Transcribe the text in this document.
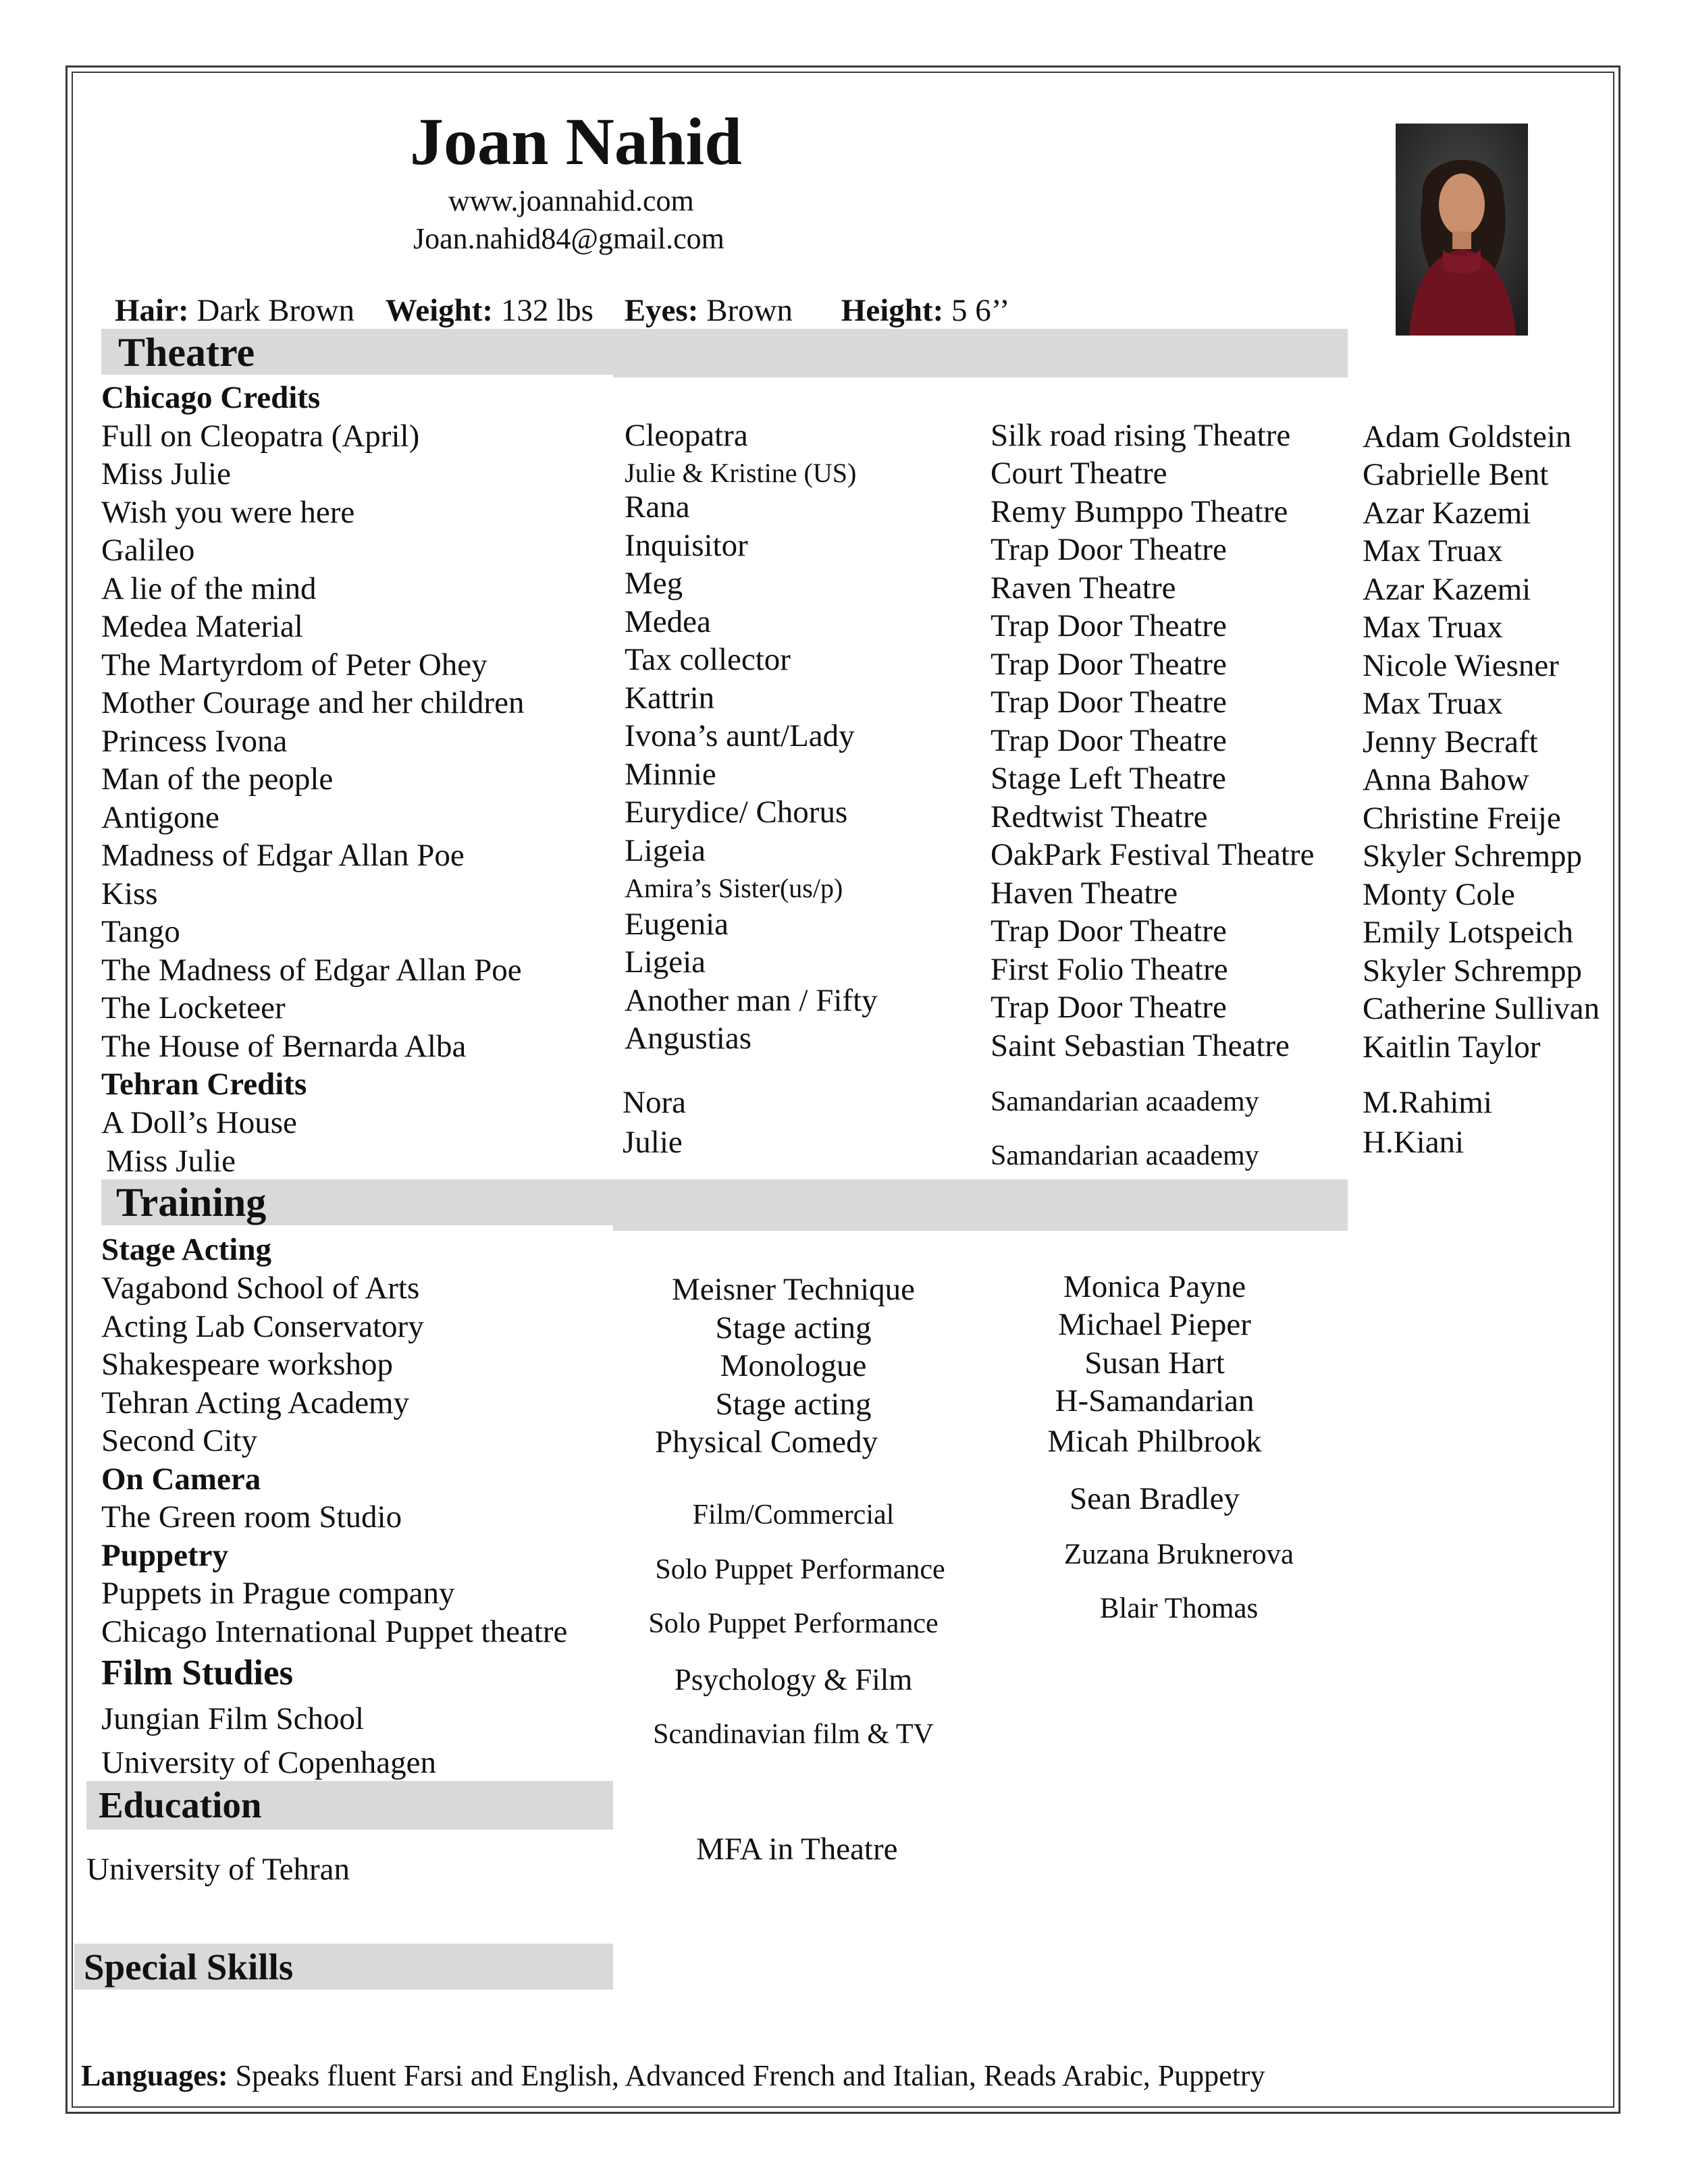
Joan Nahid
www.joannahid.com
Joan.nahid84@gmail.com
Hair: Dark Brown Weight: 132 lbs Eyes: Brown Height: 5 6’’
Theatre
Chicago Credits
Full on Cleopatra (April)
Miss Julie
Wish you were here
Galileo
A lie of the mind
Medea Material
The Martyrdom of Peter Ohey
Mother Courage and her children
Princess Ivona
Man of the people
Antigone
Madness of Edgar Allan Poe
Kiss
Tango
The Madness of Edgar Allan Poe
The Locketeer
The House of Bernarda Alba
Cleopatra
Julie & Kristine (US)
Rana
Inquisitor
Meg
Medea
Tax collector
Kattrin
Ivona’s aunt/Lady
Minnie
Eurydice/ Chorus
Ligeia
Amira’s Sister(us/p)
Eugenia
Ligeia
Another man / Fifty
Angustias
Silk road rising Theatre
Court Theatre
Remy Bumppo Theatre
Trap Door Theatre
Raven Theatre
Trap Door Theatre
Trap Door Theatre
Trap Door Theatre
Trap Door Theatre
Stage Left Theatre
Redtwist Theatre
OakPark Festival Theatre
Haven Theatre
Trap Door Theatre
First Folio Theatre
Trap Door Theatre
Saint Sebastian Theatre
Adam Goldstein
Gabrielle Bent
Azar Kazemi
Max Truax
Azar Kazemi
Max Truax
Nicole Wiesner
Max Truax
Jenny Becraft
Anna Bahow
Christine Freije
Skyler Schrempp
Monty Cole
Emily Lotspeich
Skyler Schrempp
Catherine Sullivan
Kaitlin Taylor
Tehran Credits
A Doll’s House
Miss Julie
Nora
Julie
Samandarian acaademy
Samandarian acaademy
M.Rahimi
H.Kiani
Training
Stage Acting
Vagabond School of Arts
Acting Lab Conservatory
Shakespeare workshop
Tehran Acting Academy
Second City
On Camera
The Green room Studio
Puppetry
Puppets in Prague company
Chicago International Puppet theatre
Film Studies
Jungian Film School
University of Copenhagen
Meisner Technique
Stage acting
Monologue
Stage acting
Physical Comedy
Film/Commercial
Solo Puppet Performance
Solo Puppet Performance
Psychology & Film
Scandinavian film & TV
Monica Payne
Michael Pieper
Susan Hart
H-Samandarian
Micah Philbrook
Sean Bradley
Zuzana Bruknerova
Blair Thomas
Education
University of Tehran
MFA in Theatre
Special Skills
Languages: Speaks fluent Farsi and English, Advanced French and Italian, Reads Arabic, Puppetry
